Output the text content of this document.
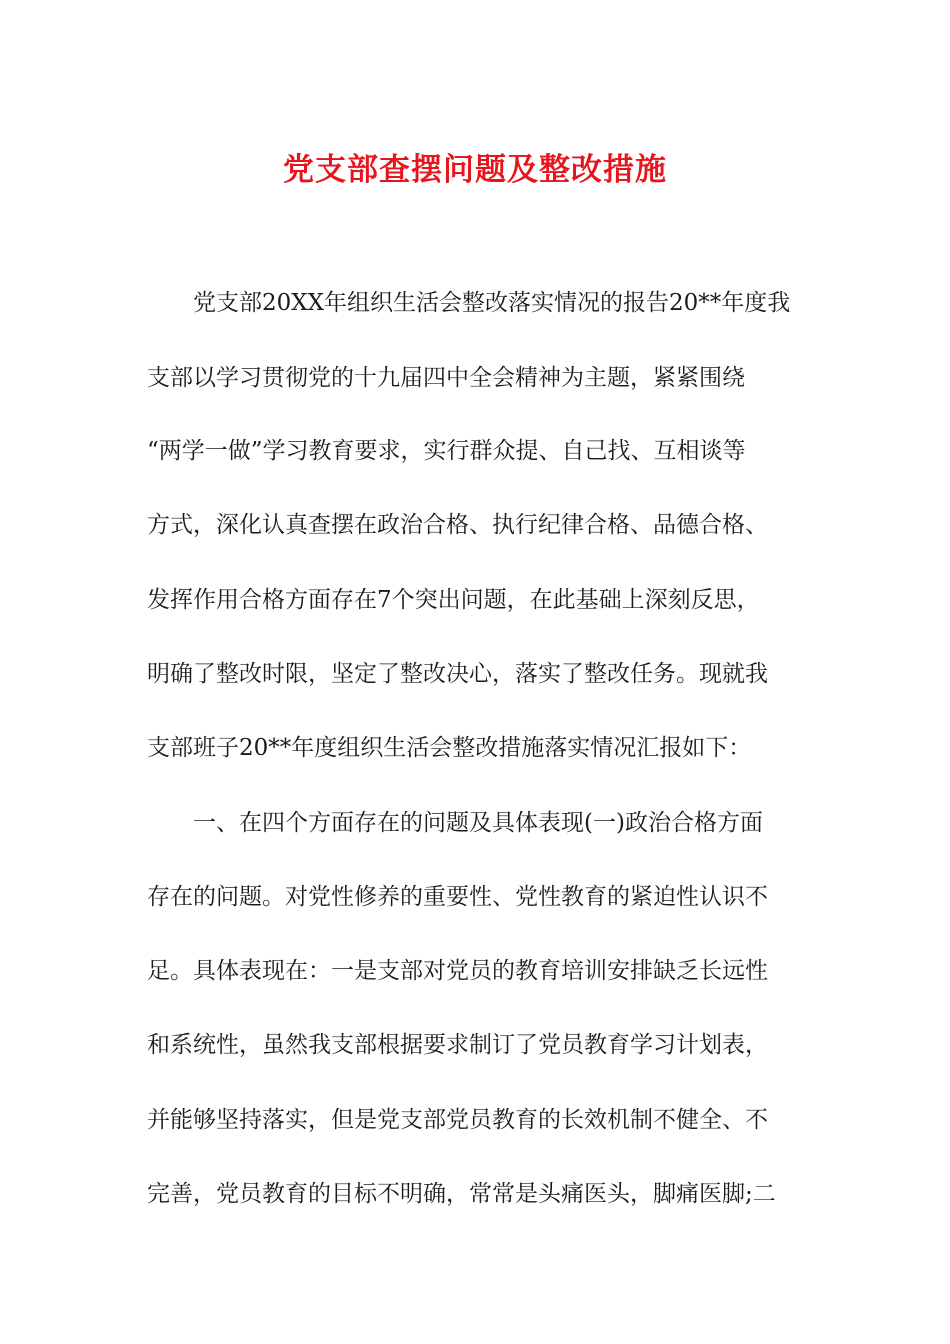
党支部查摆问题及整改措施

党支部20XX年组织生活会整改落实情况的报告20**年度我

支部以学习贯彻党的十九届四中全会精神为主题，紧紧围绕

“两学一做”学习教育要求，实行群众提、自己找、互相谈等

方式，深化认真查摆在政治合格、执行纪律合格、品德合格、

发挥作用合格方面存在7个突出问题，在此基础上深刻反思，

明确了整改时限，坚定了整改决心，落实了整改任务。现就我

支部班子20**年度组织生活会整改措施落实情况汇报如下：

一、在四个方面存在的问题及具体表现(一)政治合格方面

存在的问题。对党性修养的重要性、党性教育的紧迫性认识不

足。具体表现在：一是支部对党员的教育培训安排缺乏长远性

和系统性，虽然我支部根据要求制订了党员教育学习计划表，

并能够坚持落实，但是党支部党员教育的长效机制不健全、不

完善，党员教育的目标不明确，常常是头痛医头，脚痛医脚;二
